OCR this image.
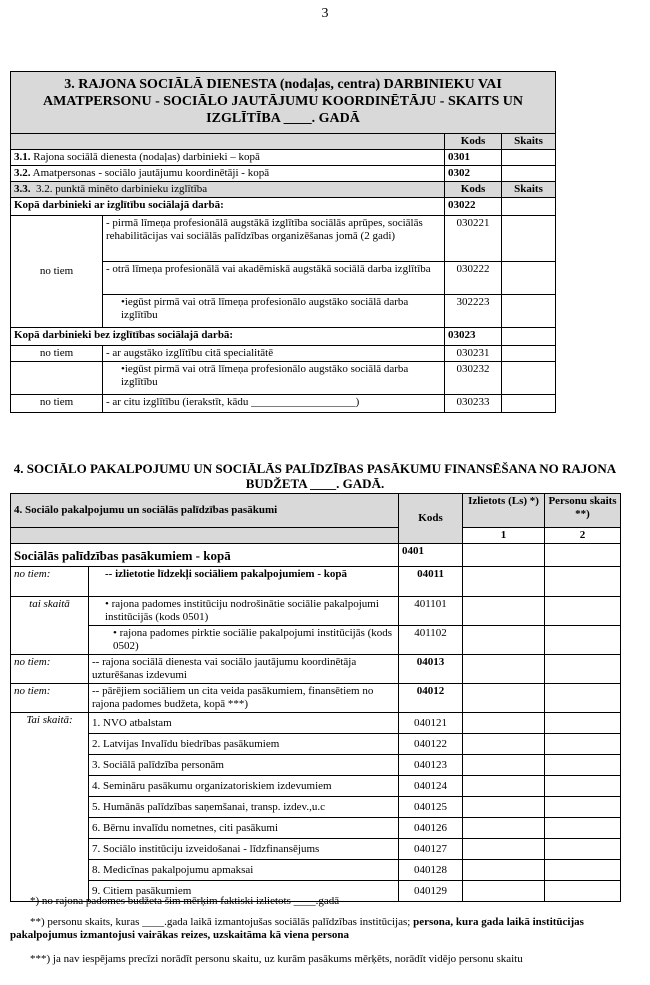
3
3. RAJONA SOCIĀLĀ DIENESTA (nodaļas, centra) DARBINIEKU VAI AMATPERSONU - SOCIĀLO JAUTĀJUMU KOORDINĒTĀJU - SKAITS UN IZGLĪTĪBA ____. GADĀ			
		Kods	Skaits
3.1. Rajona sociālā dienesta (nodaļas) darbinieki – kopā		0301	
3.2. Amatpersonas - sociālo jautājumu koordinētāji - kopā		0302	
3.3. 3.2. punktā minēto darbinieku izglītība		Kods	Skaits
Kopā darbinieki ar izglītību sociālajā darbā:		03022	
no tiem	- pirmā līmeņa profesionālā augstākā izglītība sociālās aprūpes, sociālās rehabilitācijas vai sociālās palīdzības organizēšanas jomā (2 gadi)	030221	
	- otrā līmeņa profesionālā vai akadēmiskā augstākā sociālā darba izglītība	030222	
	•iegūst pirmā vai otrā līmeņa profesionālo augstāko sociālā darba izglītību	302223	
Kopā darbinieki bez izglītības sociālajā darbā:		03023	
no tiem	- ar augstāko izglītību citā specialitātē	030231	
	•iegūst pirmā vai otrā līmeņa profesionālo augstāko sociālā darba izglītību	030232	
no tiem	- ar citu izglītību (ierakstīt, kādu ___________________)	030233	
4. SOCIĀLO PAKALPOJUMU UN SOCIĀLĀS PALĪDZĪBAS PASĀKUMU FINANSĒŠANA NO RAJONA BUDŽETA ____. GADĀ.
4. Sociālo pakalpojumu un sociālās palīdzības pasākumi		Kods	Izlietots (Ls) *)	Personu skaits **)
			1	2
Sociālās palīdzības pasākumiem - kopā		0401		
no tiem:	-- izlietotie līdzekļi sociāliem pakalpojumiem - kopā	04011		
tai skaitā	• rajona padomes institūciju nodrošinātie sociālie pakalpojumi institūcijās (kods 0501)	401101		
	• rajona padomes pirktie sociālie pakalpojumi institūcijās (kods 0502)	401102		
no tiem:	-- rajona sociālā dienesta vai sociālo jautājumu koordinētāja uzturēšanas izdevumi	04013		
no tiem:	-- pārējiem sociāliem un cita veida pasākumiem, finansētiem no rajona padomes budžeta, kopā ***)	04012		
Tai skaitā:	1. NVO atbalstam	040121		
	2. Latvijas Invalīdu biedrības pasākumiem	040122		
	3. Sociālā palīdzība personām	040123		
	4. Semināru pasākumu organizatoriskiem izdevumiem	040124		
	5. Humānās palīdzības saņemšanai, transp. izdev.,u.c	040125		
	6. Bērnu invalīdu nometnes, citi pasākumi	040126		
	7. Sociālo institūciju izveidošanai - līdzfinansējums	040127		
	8. Medicīnas pakalpojumu apmaksai	040128		
	9. Citiem pasākumiem	040129		
*) no rajona padomes budžeta šim mērķim faktiski izlietots ____.gadā
**) personu skaits, kuras ____.gada laikā izmantojušas sociālās palīdzības institūcijas; persona, kura gada laikā institūcijas pakalpojumus izmantojusi vairākas reizes, uzskaitāma kā viena persona
***) ja nav iespējams precīzi norādīt personu skaitu, uz kurām pasākums mērķēts, norādīt vidējo personu skaitu
